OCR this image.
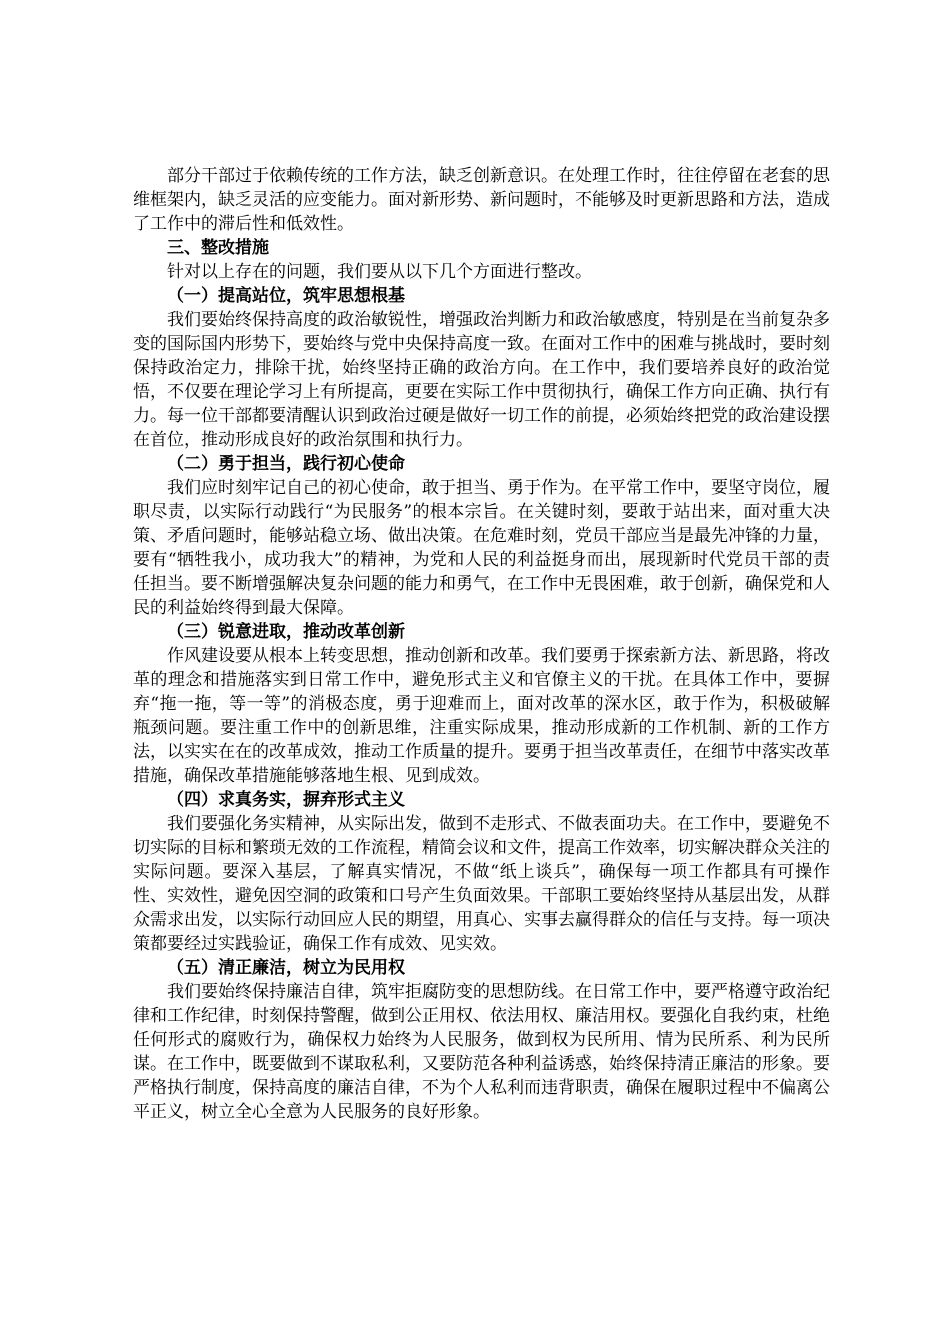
部分干部过于依赖传统的工作方法，缺乏创新意识。在处理工作时，往往停留在老套的思维框架内，缺乏灵活的应变能力。面对新形势、新问题时，不能够及时更新思路和方法，造成了工作中的滞后性和低效性。

三、整改措施

针对以上存在的问题，我们要从以下几个方面进行整改。

（一）提高站位，筑牢思想根基

我们要始终保持高度的政治敏锐性，增强政治判断力和政治敏感度，特别是在当前复杂多变的国际国内形势下，要始终与党中央保持高度一致。在面对工作中的困难与挑战时，要时刻保持政治定力，排除干扰，始终坚持正确的政治方向。在工作中，我们要培养良好的政治觉悟，不仅要在理论学习上有所提高，更要在实际工作中贯彻执行，确保工作方向正确、执行有力。每一位干部都要清醒认识到政治过硬是做好一切工作的前提，必须始终把党的政治建设摆在首位，推动形成良好的政治氛围和执行力。

（二）勇于担当，践行初心使命

我们应时刻牢记自己的初心使命，敢于担当、勇于作为。在平常工作中，要坚守岗位，履职尽责，以实际行动践行“为民服务”的根本宗旨。在关键时刻，要敢于站出来，面对重大决策、矛盾问题时，能够站稳立场、做出决策。在危难时刻，党员干部应当是最先冲锋的力量，要有“牺牲我小，成功我大”的精神，为党和人民的利益挺身而出，展现新时代党员干部的责任担当。要不断增强解决复杂问题的能力和勇气，在工作中无畏困难，敢于创新，确保党和人民的利益始终得到最大保障。

（三）锐意进取，推动改革创新

作风建设要从根本上转变思想，推动创新和改革。我们要勇于探索新方法、新思路，将改革的理念和措施落实到日常工作中，避免形式主义和官僚主义的干扰。在具体工作中，要摒弃“拖一拖，等一等”的消极态度，勇于迎难而上，面对改革的深水区，敢于作为，积极破解瓶颈问题。要注重工作中的创新思维，注重实际成果，推动形成新的工作机制、新的工作方法，以实实在在的改革成效，推动工作质量的提升。要勇于担当改革责任，在细节中落实改革措施，确保改革措施能够落地生根、见到成效。

（四）求真务实，摒弃形式主义

我们要强化务实精神，从实际出发，做到不走形式、不做表面功夫。在工作中，要避免不切实际的目标和繁琐无效的工作流程，精简会议和文件，提高工作效率，切实解决群众关注的实际问题。要深入基层，了解真实情况，不做“纸上谈兵”，确保每一项工作都具有可操作性、实效性，避免因空洞的政策和口号产生负面效果。干部职工要始终坚持从基层出发，从群众需求出发，以实际行动回应人民的期望，用真心、实事去赢得群众的信任与支持。每一项决策都要经过实践验证，确保工作有成效、见实效。

（五）清正廉洁，树立为民用权

我们要始终保持廉洁自律，筑牢拒腐防变的思想防线。在日常工作中，要严格遵守政治纪律和工作纪律，时刻保持警醒，做到公正用权、依法用权、廉洁用权。要强化自我约束，杜绝任何形式的腐败行为，确保权力始终为人民服务，做到权为民所用、情为民所系、利为民所谋。在工作中，既要做到不谋取私利，又要防范各种利益诱惑，始终保持清正廉洁的形象。要严格执行制度，保持高度的廉洁自律，不为个人私利而违背职责，确保在履职过程中不偏离公平正义，树立全心全意为人民服务的良好形象。
